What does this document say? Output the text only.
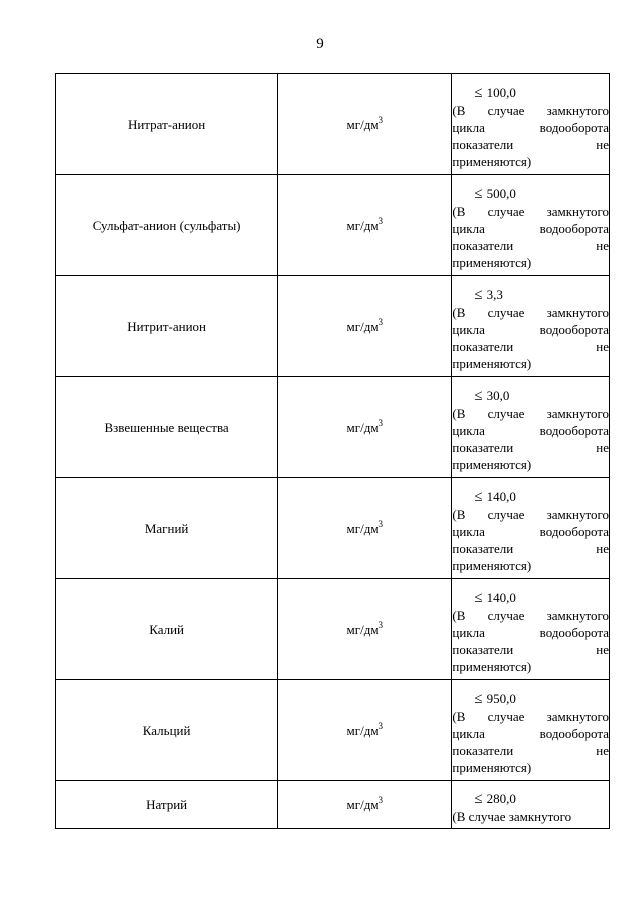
9
Нитрат-анион	$мг/дм^3$	≤ 100,0
(В случае замкнутого
цикла водооборота
показатели не
применяются)

Сульфат-анион (сульфаты)	$мг/дм^3$	≤ 500,0
(В случае замкнутого
цикла водооборота
показатели не
применяются)

Нитрит-анион	$мг/дм^3$	≤ 3,3
(В случае замкнутого
цикла водооборота
показатели не
применяются)

Взвешенные вещества	$мг/дм^3$	≤ 30,0
(В случае замкнутого
цикла водооборота
показатели не
применяются)

Магний	$мг/дм^3$	≤ 140,0
(В случае замкнутого
цикла водооборота
показатели не
применяются)

Калий	$мг/дм^3$	≤ 140,0
(В случае замкнутого
цикла водооборота
показатели не
применяются)

Кальций	$мг/дм^3$	≤ 950,0
(В случае замкнутого
цикла водооборота
показатели не
применяются)

Натрий	$мг/дм^3$	≤ 280,0
(В случае замкнутого
